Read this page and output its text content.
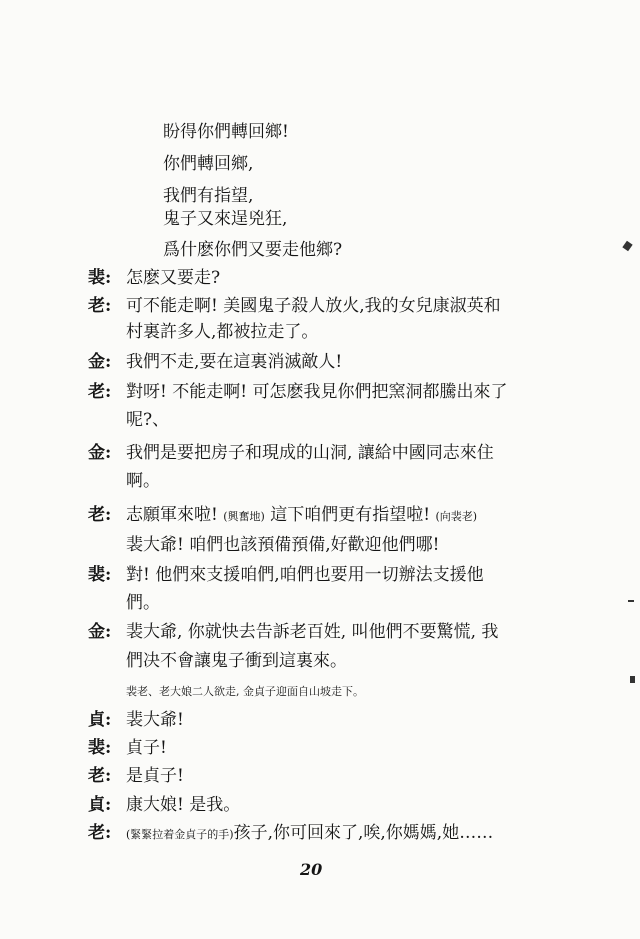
盼得你們轉回鄉!
你們轉回鄉,
我們有指望,
鬼子又來逞兇狂,
爲什麽你們又要走他鄉?
裴: 怎麽又要走?
老: 可不能走啊! 美國鬼子殺人放火,我的女兒康淑英和
村裏許多人,都被拉走了。
金: 我們不走,要在這裏消滅敵人!
老: 對呀! 不能走啊! 可怎麽我見你們把窯洞都騰出來了
呢?、
金: 我們是要把房子和現成的山洞, 讓給中國同志來住
啊。
老: 志願軍來啦! (興奮地) 這下咱們更有指望啦! (向裴老)
裴大爺! 咱們也該預備預備,好歡迎他們哪!
裴: 對! 他們來支援咱們,咱們也要用一切辦法支援他
們。
金: 裴大爺, 你就快去告訴老百姓, 叫他們不要驚慌, 我
們决不會讓鬼子衝到這裏來。
裴老、老大娘二人欲走, 金貞子迎面自山坡走下。
貞: 裴大爺!
裴: 貞子!
老: 是貞子!
貞: 康大娘! 是我。
老: (緊緊拉着金貞子的手)孩子,你可回來了,唉,你媽媽,她……
20
